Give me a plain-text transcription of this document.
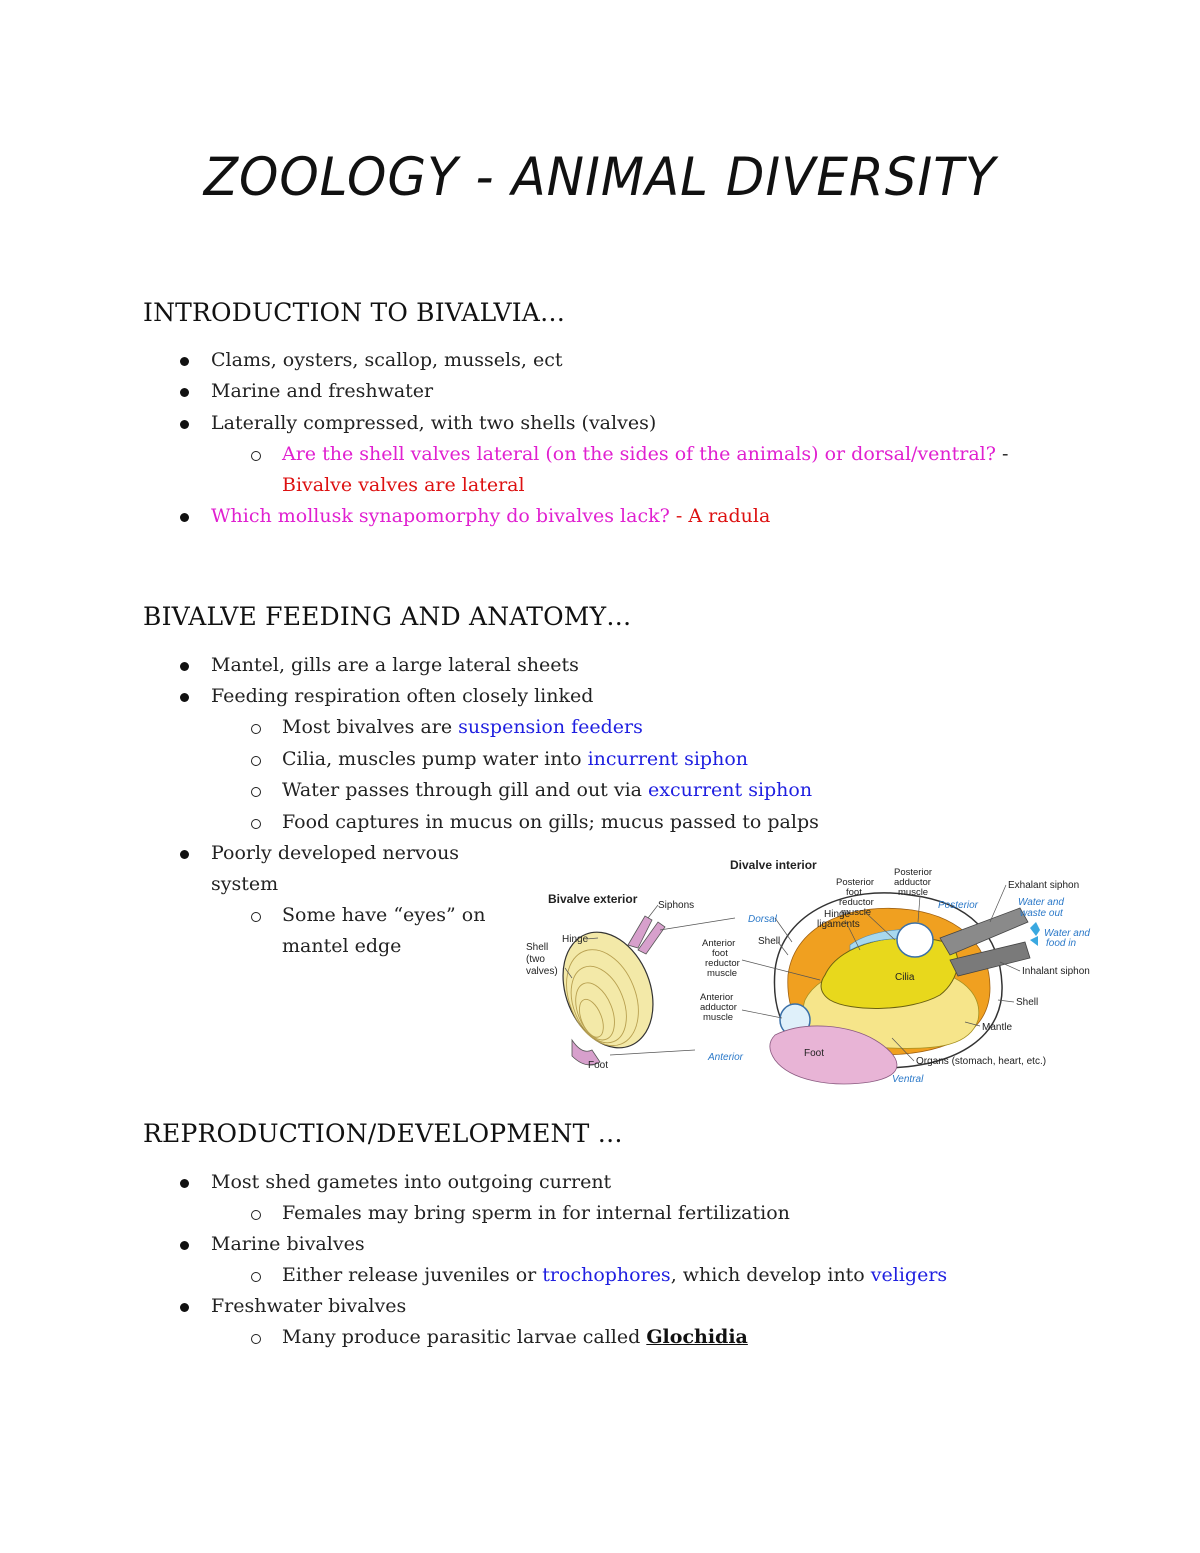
ZOOLOGY - ANIMAL DIVERSITY
INTRODUCTION TO BIVALVIA…
Clams, oysters, scallop, mussels, ect
Marine and freshwater
Laterally compressed, with two shells (valves)
Are the shell valves lateral (on the sides of the animals) or dorsal/ventral? -
Bivalve valves are lateral
Which mollusk synapomorphy do bivalves lack? - A radula
BIVALVE FEEDING AND ANATOMY…
Mantel, gills are a large lateral sheets
Feeding respiration often closely linked
Most bivalves are suspension feeders
Cilia, muscles pump water into incurrent siphon
Water passes through gill and out via excurrent siphon
Food captures in mucus on gills; mucus passed to palps
Poorly developed nervous
system
Some have “eyes” on
mantel edge
Bivalve exterior Siphons
Hinge
Shell
(two
valves)
Foot
Divalve interior
Dorsal	Hinge
ligaments
Shell
Anterior
foot
reductor
muscle
Anterior
adductor
muscle
Anterior	Foot
Posterior
foot
reductor
muscle
Posterior
adductor
muscle
Posterior
Cilia
Exhalant siphon
Water and
waste out
Water and
food in
Inhalant siphon
Shell
Mantle
Organs (stomach, heart, etc.)
Ventral
REPRODUCTION/DEVELOPMENT …
Most shed gametes into outgoing current
Females may bring sperm in for internal fertilization
Marine bivalves
Either release juveniles or trochophores, which develop into veligers
Freshwater bivalves
Many produce parasitic larvae called Glochidia
